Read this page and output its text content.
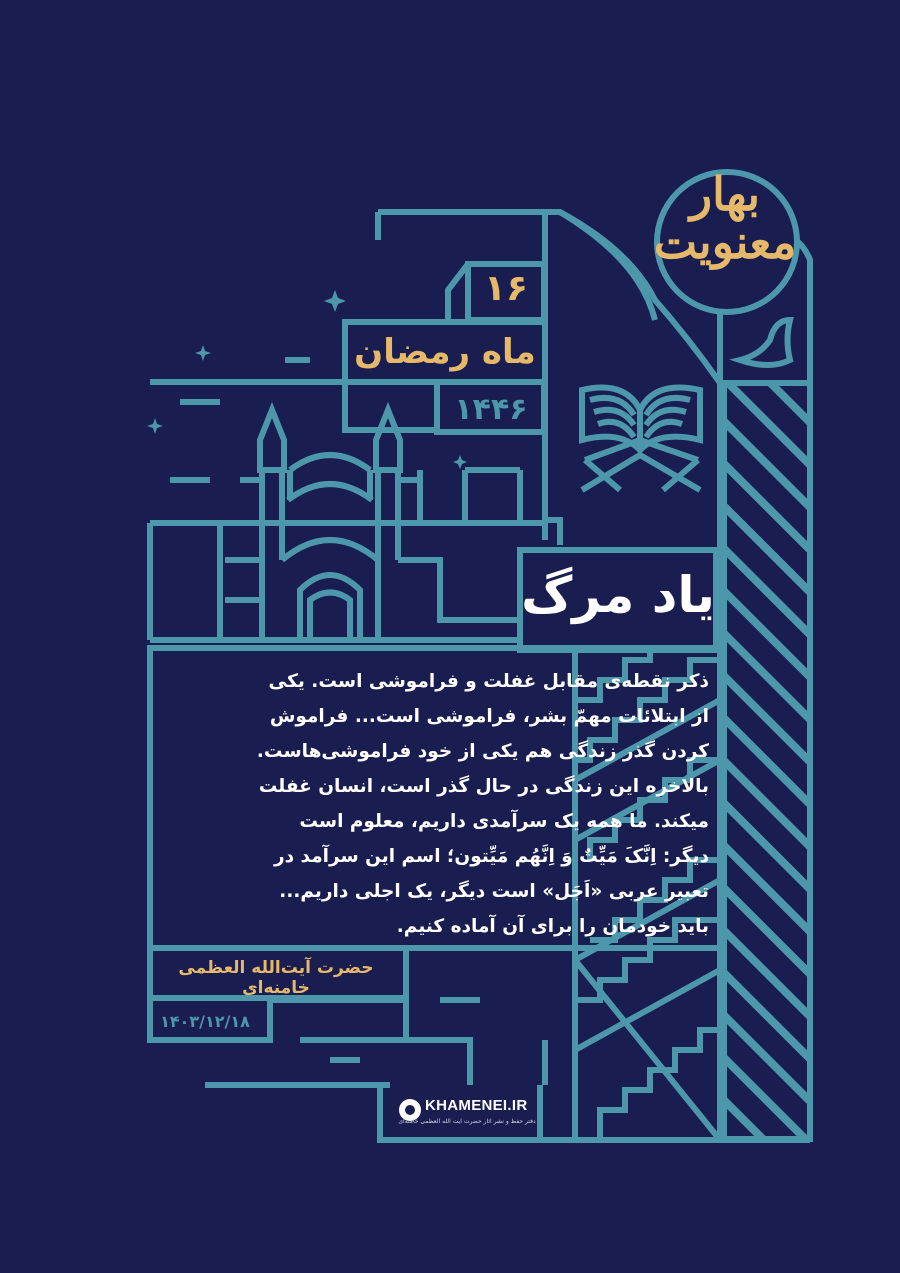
بهار
معنویت
۱۶
ماه رمضان
۱۴۴۶
یاد مرگ
ذکر نقطه‌ی مقابل غفلت و فراموشی است. یکی
از ابتلائات مهمّ بشر، فراموشی است... فراموش
کردن گذر زندگی هم یکی از خود فراموشی‌هاست.
بالاخره این زندگی در حال گذر است، انسان غفلت
میکند. ما همه یک سرآمدی داریم، معلوم است
دیگر: اِنَّکَ مَیِّتٌ وَ اِنَّهُم مَیِّتون؛ اسم این سرآمد در
تعبیر عربی «اَجَل» است دیگر، یک اجلی داریم...
باید خودمان را برای آن آماده کنیم.
حضرت آیت‌الله العظمی خامنه‌ای
۱۴۰۳/۱۲/۱۸
KHAMENEI.IR
دفتر حفظ و نشر آثار حضرت آیت الله العظمی خامنه‌ای
